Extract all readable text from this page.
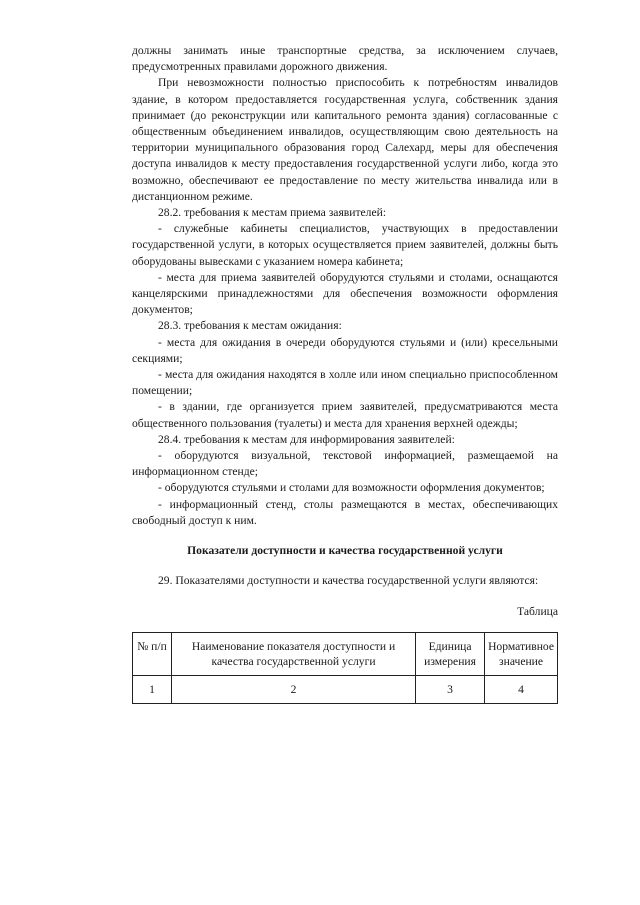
должны занимать иные транспортные средства, за исключением случаев, предусмотренных правилами дорожного движения.

При невозможности полностью приспособить к потребностям инвалидов здание, в котором предоставляется государственная услуга, собственник здания принимает (до реконструкции или капитального ремонта здания) согласованные с общественным объединением инвалидов, осуществляющим свою деятельность на территории муниципального образования город Салехард, меры для обеспечения доступа инвалидов к месту предоставления государственной услуги либо, когда это возможно, обеспечивают ее предоставление по месту жительства инвалида или в дистанционном режиме.

28.2. требования к местам приема заявителей:

- служебные кабинеты специалистов, участвующих в предоставлении государственной услуги, в которых осуществляется прием заявителей, должны быть оборудованы вывесками с указанием номера кабинета;

- места для приема заявителей оборудуются стульями и столами, оснащаются канцелярскими принадлежностями для обеспечения возможности оформления документов;

28.3. требования к местам ожидания:

- места для ожидания в очереди оборудуются стульями и (или) кресельными секциями;

- места для ожидания находятся в холле или ином специально приспособленном помещении;

- в здании, где организуется прием заявителей, предусматриваются места общественного пользования (туалеты) и места для хранения верхней одежды;

28.4. требования к местам для информирования заявителей:

- оборудуются визуальной, текстовой информацией, размещаемой на информационном стенде;

- оборудуются стульями и столами для возможности оформления документов;

- информационный стенд, столы размещаются в местах, обеспечивающих свободный доступ к ним.

Показатели доступности и качества государственной услуги

29. Показателями доступности и качества государственной услуги являются:

Таблица

№ п/п	Наименование показателя доступности и качества государственной услуги	Единица измерения	Нормативное значение
1	2	3	4
